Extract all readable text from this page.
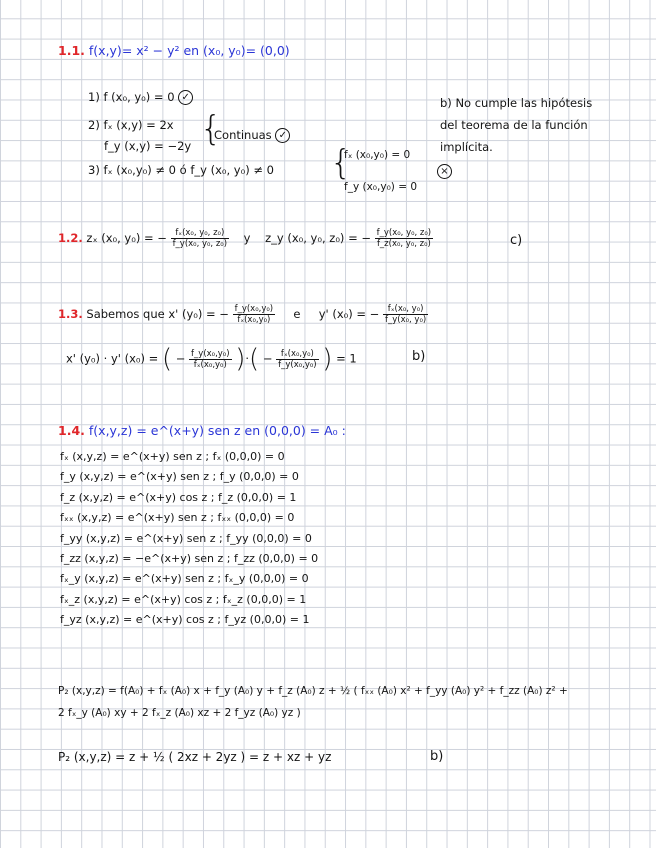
1.1. f(x,y)= x² − y² en (x₀, y₀)= (0,0)
1) f (x₀, y₀) = 0 ✓
2) fₓ (x,y) = 2x
f_y (x,y) = −2y {
Continuas ✓
3) fₓ (x₀,y₀) ≠ 0 ó f_y (x₀, y₀) ≠ 0 {
fₓ (x₀,y₀) = 0
f_y (x₀,y₀) = 0
×
b) No cumple las hipótesis
del teorema de la función
implícita.
1.2. zₓ (x₀, y₀) = − $\frac{\text{fₓ(x₀, y₀, z₀)}}{\text{f\_y(x₀, y₀, z₀)}}$ y z_y (x₀, y₀, z₀) = − $\frac{\text{f\_y(x₀, y₀, z₀)}}{\text{f\_z(x₀, y₀, z₀)}}$	c)
1.3. Sabemos que x' (y₀) = − $\frac{\text{f\_y(x₀,y₀)}}{\text{fₓ(x₀,y₀)}}$ e y' (x₀) = − $\frac{\text{fₓ(x₀, y₀)}}{\text{f\_y(x₀, y₀)}}$
x' (y₀) · y' (x₀) = ( − $\frac{\text{f\_y(x₀,y₀)}}{\text{fₓ(x₀,y₀)}}$ )·( − $\frac{\text{fₓ(x₀,y₀)}}{\text{f\_y(x₀,y₀)}}$ ) = 1	b)
1.4. f(x,y,z) = e^(x+y) sen z en (0,0,0) = A₀ :
fₓ (x,y,z) = e^(x+y) sen z ; fₓ (0,0,0) = 0
f_y (x,y,z) = e^(x+y) sen z ; f_y (0,0,0) = 0
f_z (x,y,z) = e^(x+y) cos z ; f_z (0,0,0) = 1
fₓₓ (x,y,z) = e^(x+y) sen z ; fₓₓ (0,0,0) = 0
f_yy (x,y,z) = e^(x+y) sen z ; f_yy (0,0,0) = 0
f_zz (x,y,z) = −e^(x+y) sen z ; f_zz (0,0,0) = 0
fₓ_y (x,y,z) = e^(x+y) sen z ; fₓ_y (0,0,0) = 0
fₓ_z (x,y,z) = e^(x+y) cos z ; fₓ_z (0,0,0) = 1
f_yz (x,y,z) = e^(x+y) cos z ; f_yz (0,0,0) = 1
P₂ (x,y,z) = f(A₀) + fₓ (A₀) x + f_y (A₀) y + f_z (A₀) z + ½ ( fₓₓ (A₀) x² + f_yy (A₀) y² + f_zz (A₀) z² +
2 fₓ_y (A₀) xy + 2 fₓ_z (A₀) xz + 2 f_yz (A₀) yz )
P₂ (x,y,z) = z + ½ ( 2xz + 2yz ) = z + xz + yz	b)
